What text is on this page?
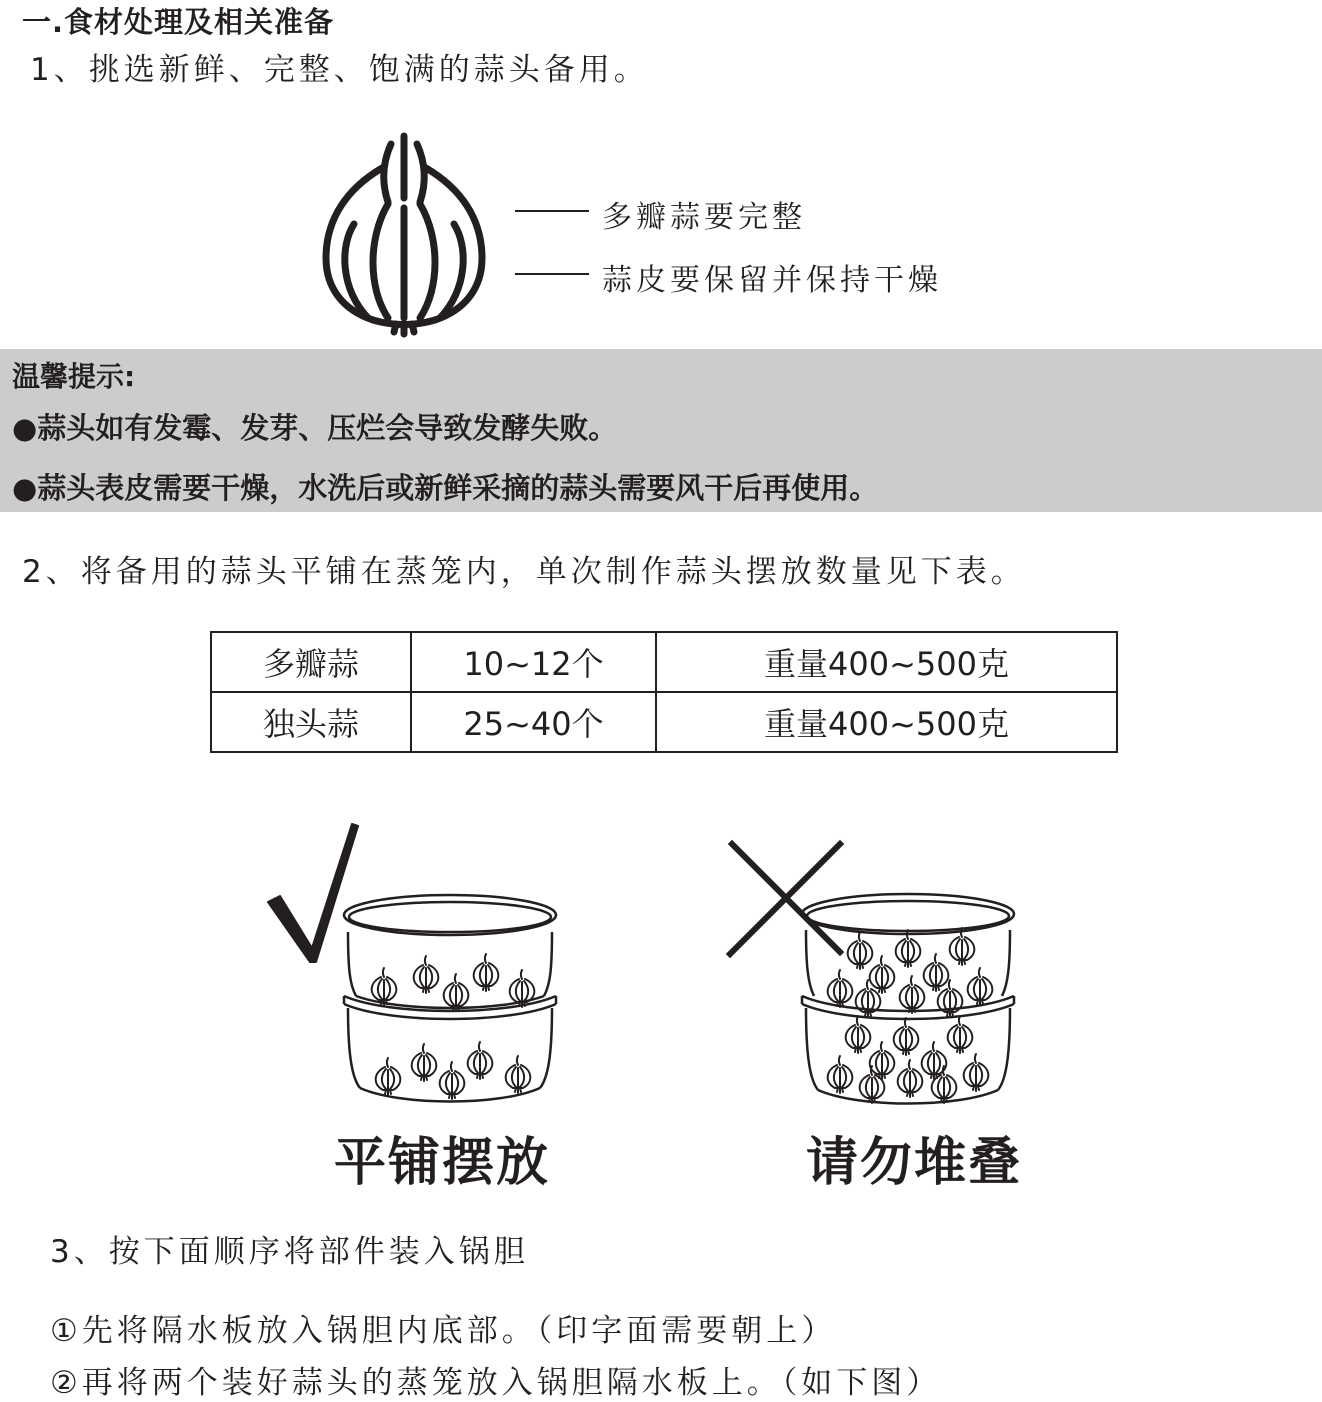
一.食材处理及相关准备
1、挑选新鲜、完整、饱满的蒜头备用。
多瓣蒜要完整
蒜皮要保留并保持干燥
温馨提示:
●蒜头如有发霉、发芽、压烂会导致发酵失败。
●蒜头表皮需要干燥，水洗后或新鲜采摘的蒜头需要风干后再使用。
2、将备用的蒜头平铺在蒸笼内，单次制作蒜头摆放数量见下表。
多瓣蒜	10~12个	重量400~500克
独头蒜	25~40个	重量400~500克
平铺摆放	请勿堆叠
3、按下面顺序将部件装入锅胆
①先将隔水板放入锅胆内底部。（印字面需要朝上）
②再将两个装好蒜头的蒸笼放入锅胆隔水板上。（如下图）
